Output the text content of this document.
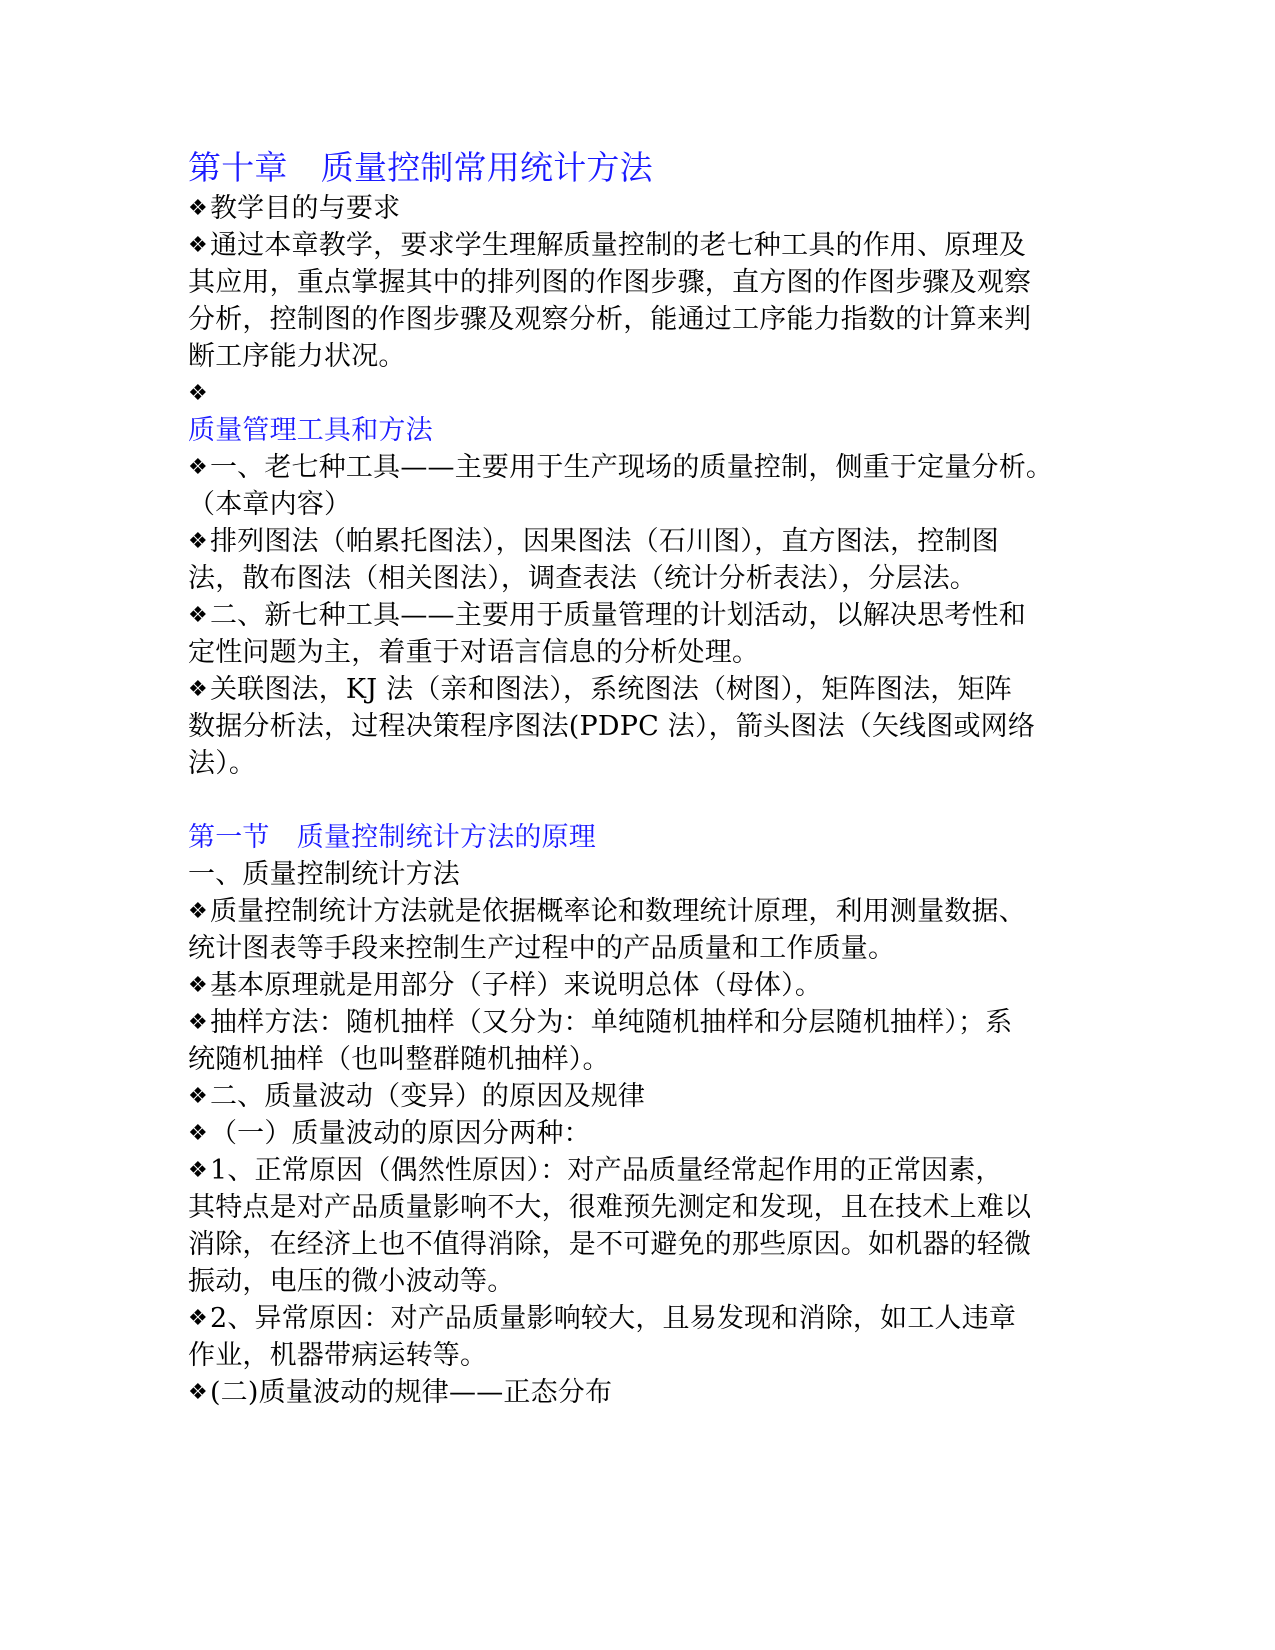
第十章　质量控制常用统计方法
❖教学目的与要求
❖通过本章教学，要求学生理解质量控制的老七种工具的作用、原理及
其应用，重点掌握其中的排列图的作图步骤，直方图的作图步骤及观察
分析，控制图的作图步骤及观察分析，能通过工序能力指数的计算来判
断工序能力状况。
❖
质量管理工具和方法
❖一、老七种工具——主要用于生产现场的质量控制，侧重于定量分析。
（本章内容）
❖排列图法（帕累托图法），因果图法（石川图），直方图法，控制图
法，散布图法（相关图法），调查表法（统计分析表法），分层法。
❖二、新七种工具——主要用于质量管理的计划活动，以解决思考性和
定性问题为主，着重于对语言信息的分析处理。
❖关联图法，KJ 法（亲和图法），系统图法（树图），矩阵图法，矩阵
数据分析法，过程决策程序图法(PDPC 法），箭头图法（矢线图或网络
法）。
第一节　质量控制统计方法的原理
一、质量控制统计方法
❖质量控制统计方法就是依据概率论和数理统计原理，利用测量数据、
统计图表等手段来控制生产过程中的产品质量和工作质量。
❖基本原理就是用部分（子样）来说明总体（母体）。
❖抽样方法：随机抽样（又分为：单纯随机抽样和分层随机抽样）；系
统随机抽样（也叫整群随机抽样）。
❖二、质量波动（变异）的原因及规律
❖（一）质量波动的原因分两种：
❖1、正常原因（偶然性原因）：对产品质量经常起作用的正常因素，
其特点是对产品质量影响不大，很难预先测定和发现，且在技术上难以
消除，在经济上也不值得消除，是不可避免的那些原因。如机器的轻微
振动，电压的微小波动等。
❖2、异常原因：对产品质量影响较大，且易发现和消除，如工人违章
作业，机器带病运转等。
❖(二)质量波动的规律——正态分布
